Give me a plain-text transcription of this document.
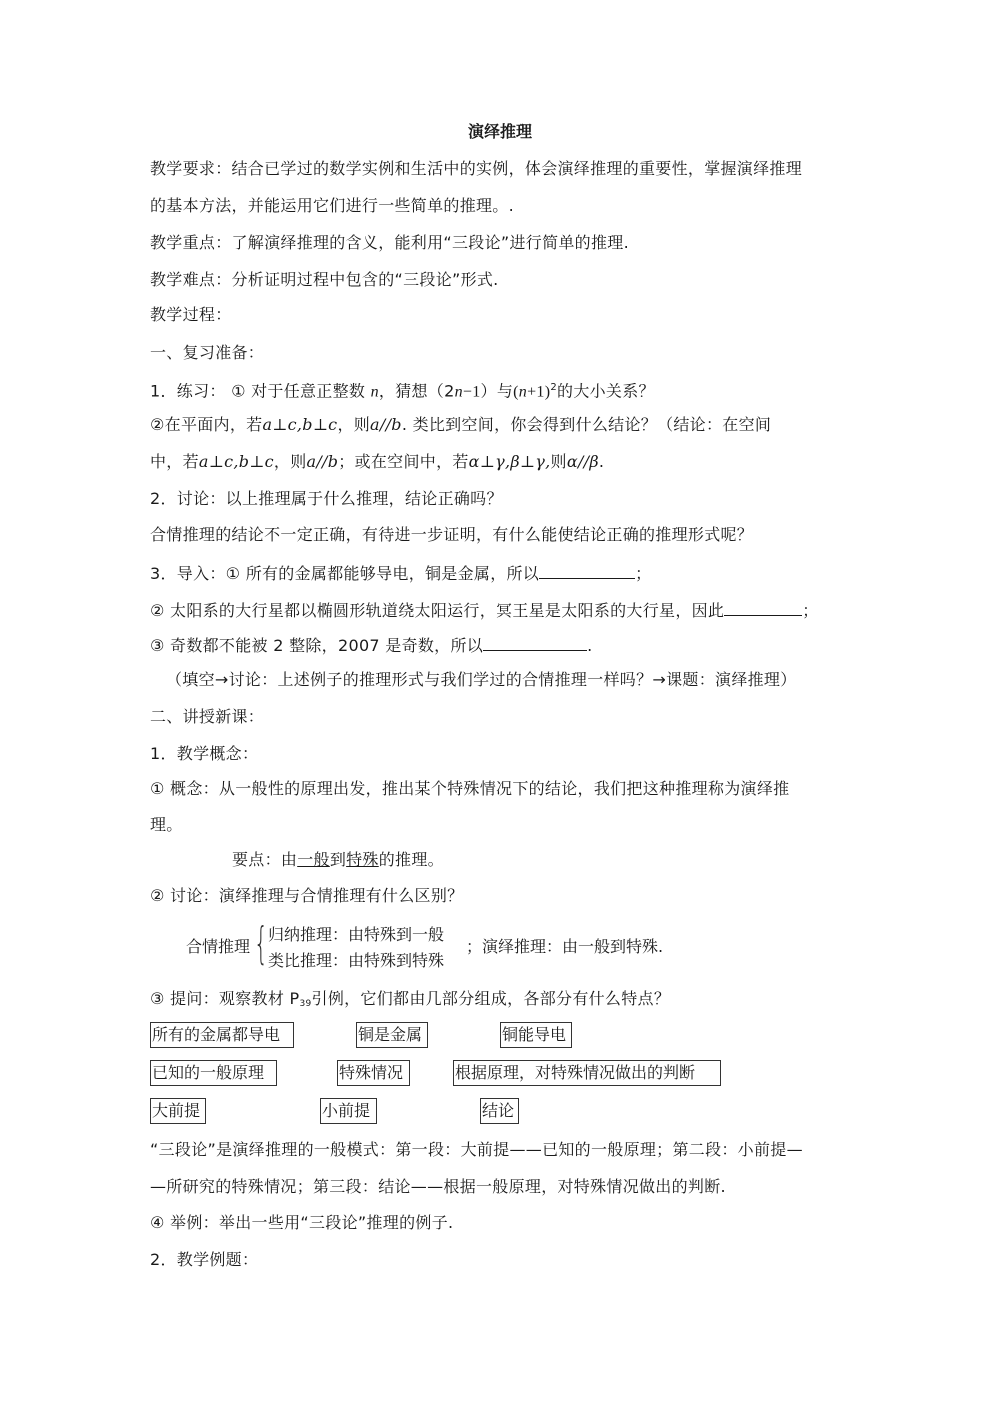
演绎推理
教学要求：结合已学过的数学实例和生活中的实例，体会演绎推理的重要性，掌握演绎推理
的基本方法，并能运用它们进行一些简单的推理。.
教学重点：了解演绎推理的含义，能利用“三段论”进行简单的推理.
教学难点：分析证明过程中包含的“三段论”形式.
教学过程：
一、复习准备：
1．练习： ① 对于任意正整数 n，猜想（2n−1）与$(n+1)^2$的大小关系？
②在平面内，若a⊥c,b⊥c，则a//b. 类比到空间，你会得到什么结论？（结论：在空间
中，若a⊥c,b⊥c，则a//b；或在空间中，若α⊥γ,β⊥γ,则α//β.
2．讨论：以上推理属于什么推理，结论正确吗？
合情推理的结论不一定正确，有待进一步证明，有什么能使结论正确的推理形式呢？
3．导入：① 所有的金属都能够导电，铜是金属，所以	；
② 太阳系的大行星都以椭圆形轨道绕太阳运行，冥王星是太阳系的大行星，因此	；
③ 奇数都不能被 2 整除，2007 是奇数，所以	.
（填空→讨论：上述例子的推理形式与我们学过的合情推理一样吗？→课题：演绎推理）
二、讲授新课：
1．教学概念：
① 概念：从一般性的原理出发，推出某个特殊情况下的结论，我们把这种推理称为演绎推
理。
要点：由一般到特殊的推理。
② 讨论：演绎推理与合情推理有什么区别？
合情推理 { 归纳推理：由特殊到一般
类比推理：由特殊到特殊
；演绎推理：由一般到特殊.
③ 提问：观察教材 $P_{39}$引例，它们都由几部分组成，各部分有什么特点？
所有的金属都导电	铜是金属	铜能导电
已知的一般原理	特殊情况	根据原理，对特殊情况做出的判断
大前提	小前提	结论
“三段论”是演绎推理的一般模式：第一段：大前提——已知的一般原理；第二段：小前提—
—所研究的特殊情况；第三段：结论——根据一般原理，对特殊情况做出的判断.
④ 举例：举出一些用“三段论”推理的例子.
2．教学例题：
